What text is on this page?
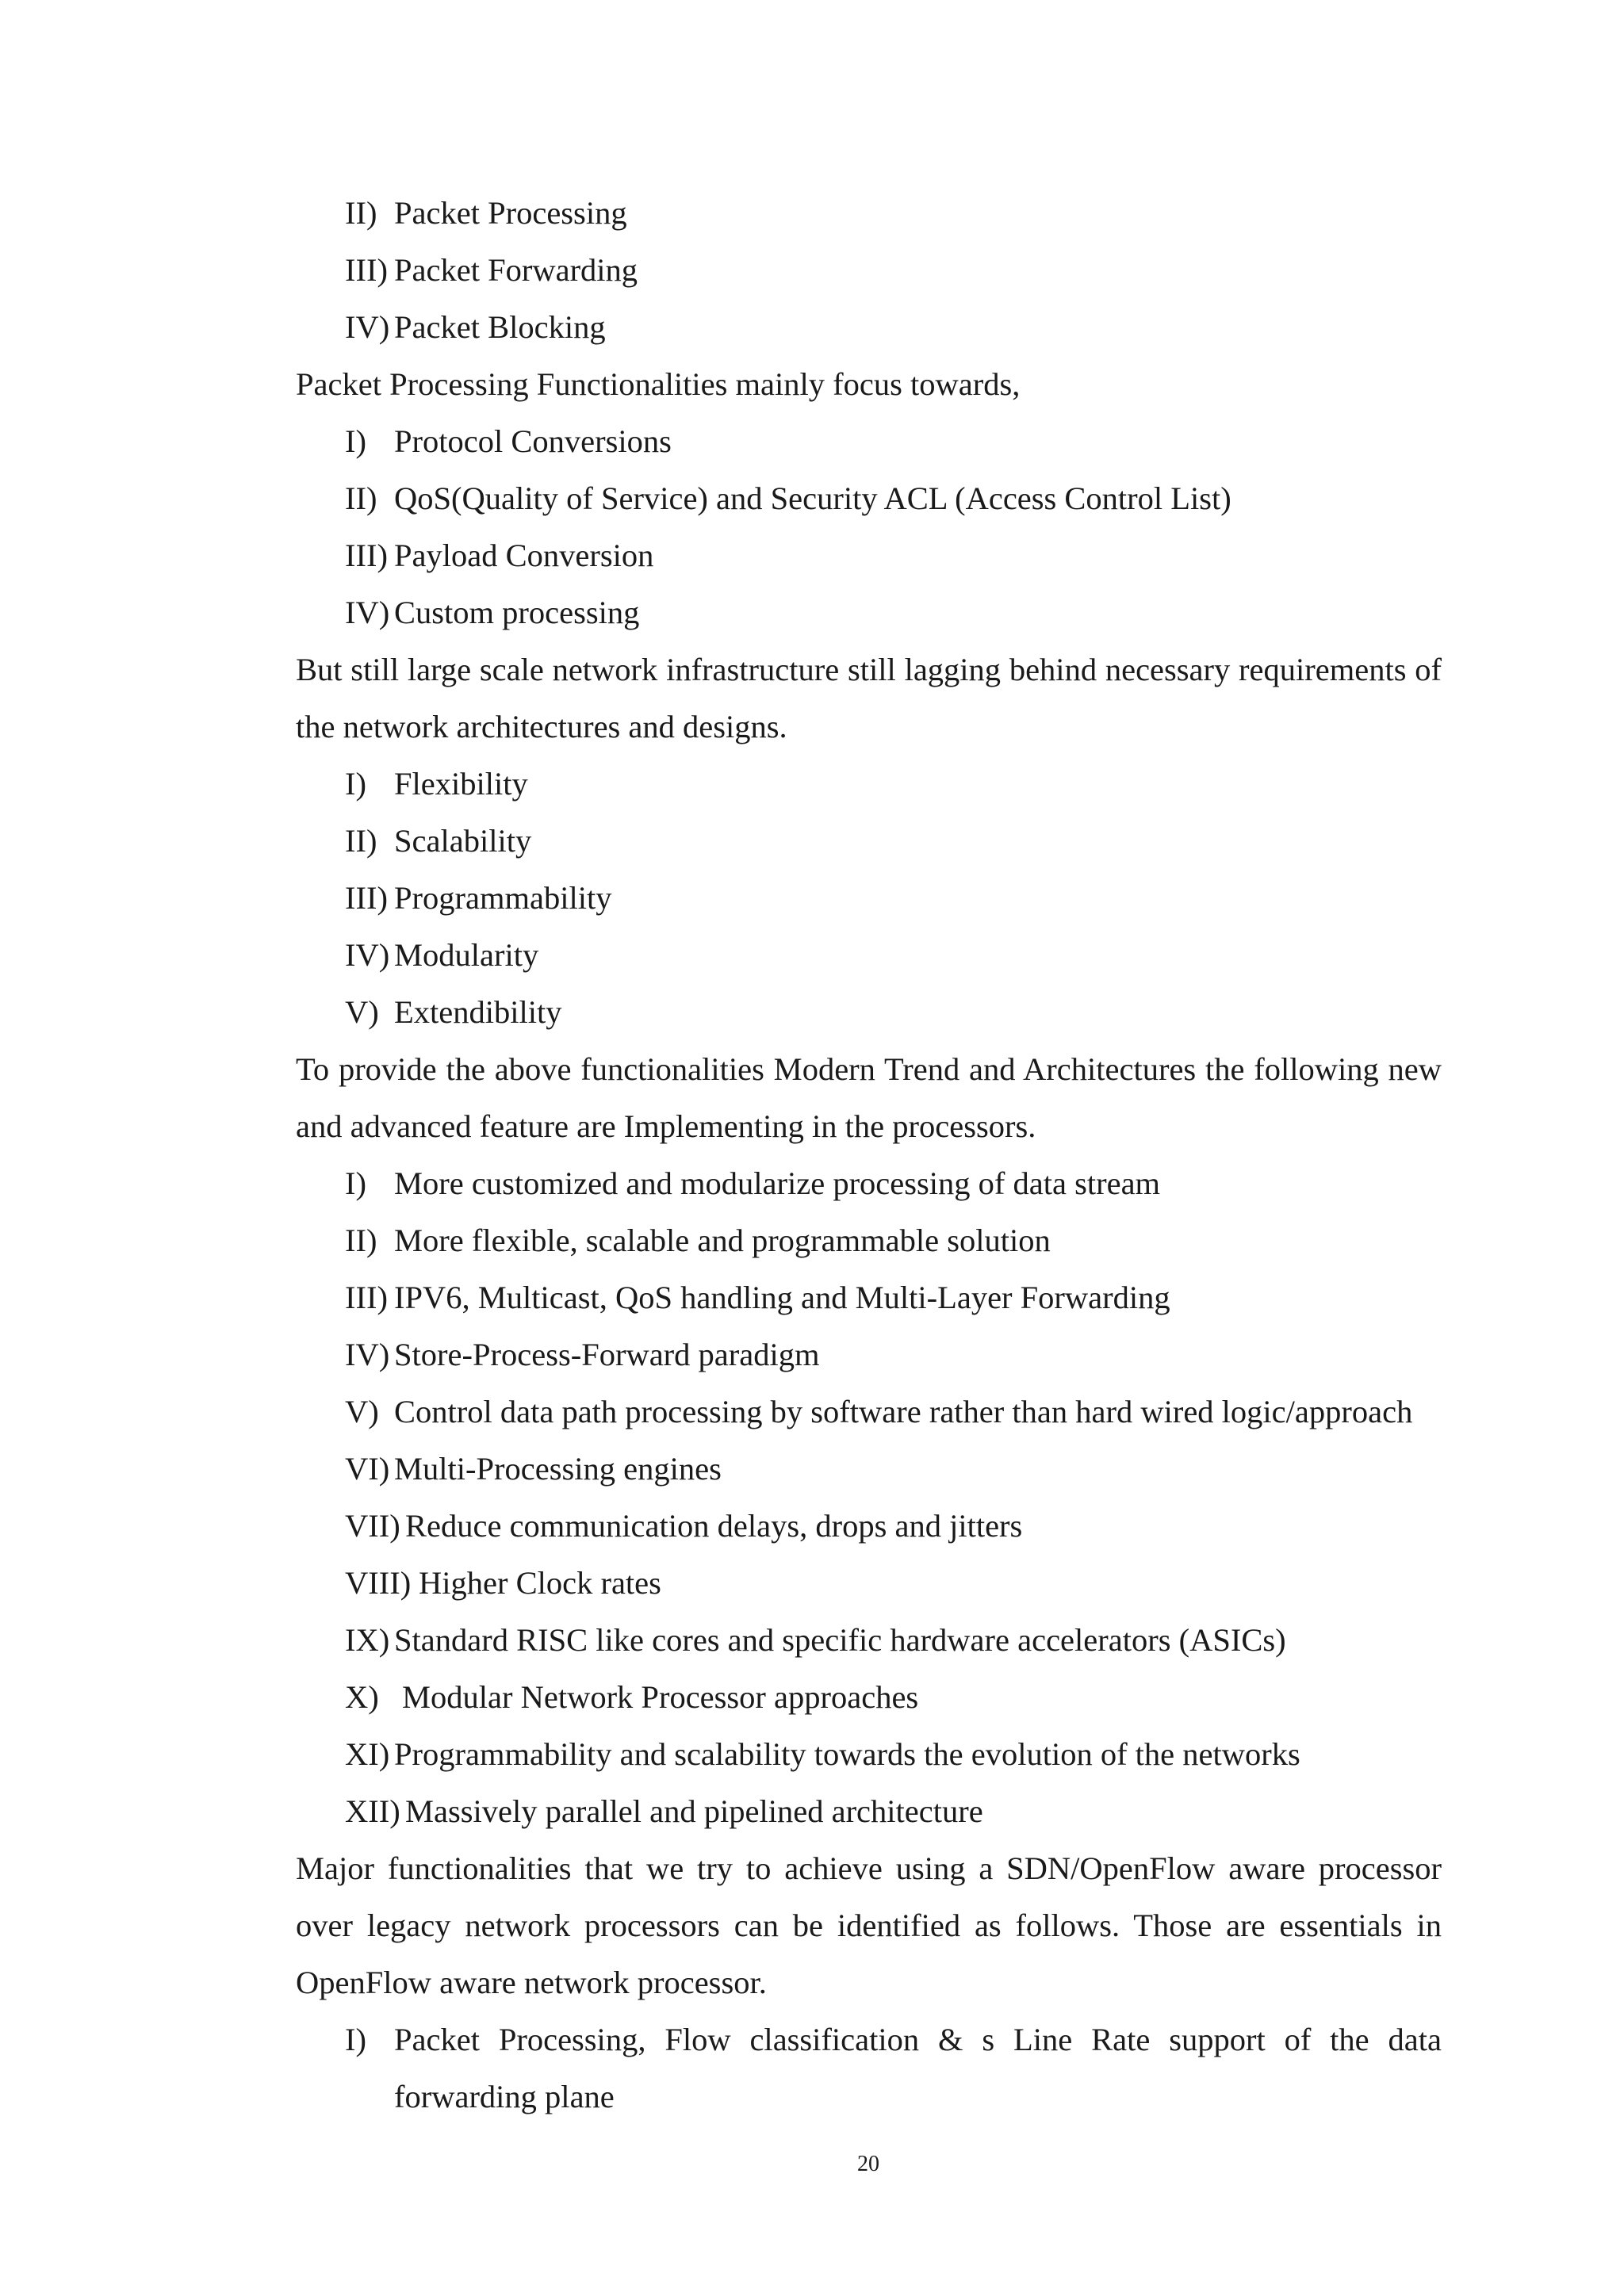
II) Packet Processing
III) Packet Forwarding
IV) Packet Blocking
Packet Processing Functionalities mainly focus towards,
I) Protocol Conversions
II) QoS(Quality of Service) and Security ACL (Access Control List)
III) Payload Conversion
IV) Custom processing
But still large scale network infrastructure still lagging behind necessary requirements of the network architectures and designs.
I) Flexibility
II) Scalability
III) Programmability
IV) Modularity
V) Extendibility
To provide the above functionalities Modern Trend and Architectures the following new and advanced feature are Implementing in the processors.
I) More customized and modularize processing of data stream
II) More flexible, scalable and programmable solution
III) IPV6, Multicast, QoS handling and Multi-Layer Forwarding
IV) Store-Process-Forward paradigm
V) Control data path processing by software rather than hard wired logic/approach
VI) Multi-Processing engines
VII) Reduce communication delays, drops and jitters
VIII) Higher Clock rates
IX) Standard RISC like cores and specific hardware accelerators (ASICs)
X) Modular Network Processor approaches
XI) Programmability and scalability towards the evolution of the networks
XII) Massively parallel and pipelined architecture
Major functionalities that we try to achieve using a SDN/OpenFlow aware processor over legacy network processors can be identified as follows. Those are essentials in OpenFlow aware network processor.
I) Packet Processing, Flow classification & s Line Rate support of the data forwarding plane
20
